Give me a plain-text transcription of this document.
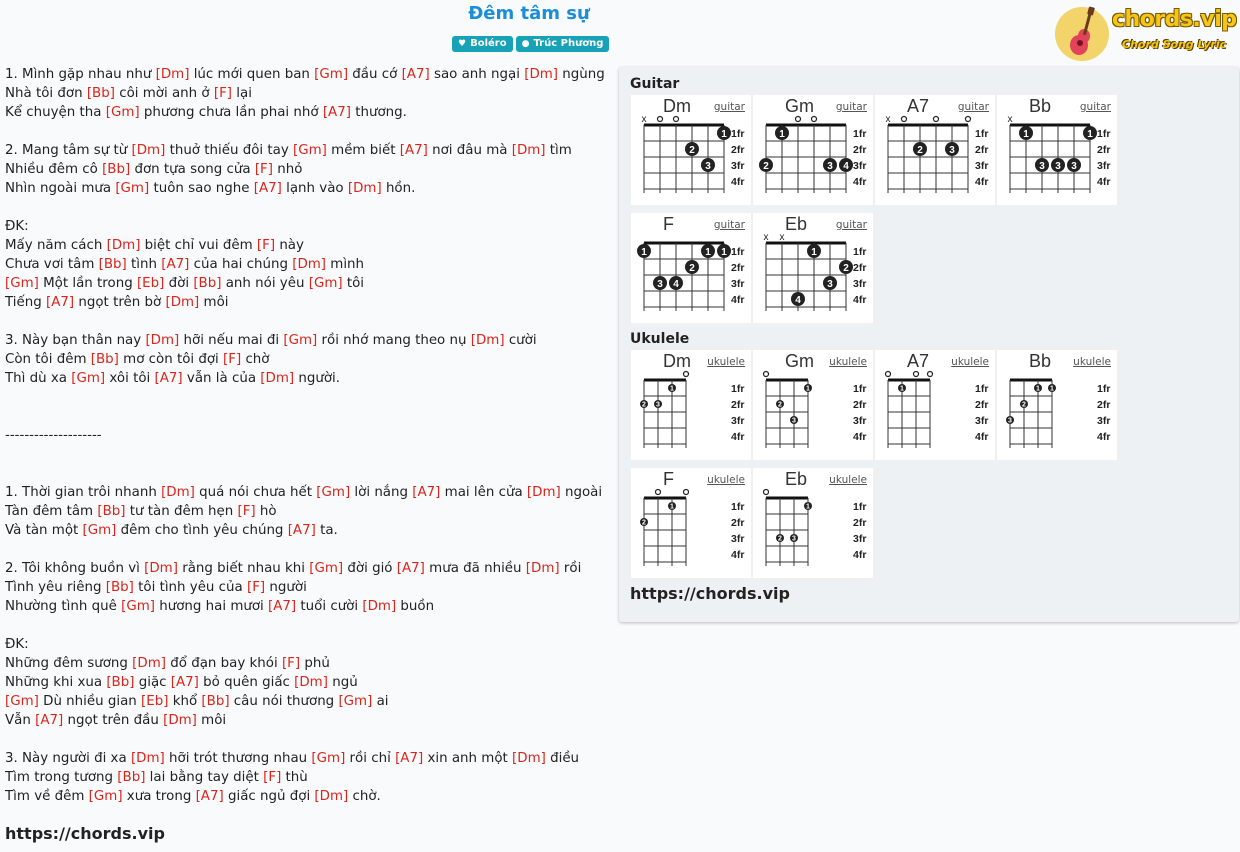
Đêm tâm sự
♥ Boléro ● Trúc Phương
chords.vip
Chord Song Lyric
1. Mình gặp nhau như [Dm] lúc mới quen ban [Gm] đầu cớ [A7] sao anh ngại [Dm] ngùng
Nhà tôi đơn [Bb] côi mời anh ở [F] lại
Kể chuyện tha [Gm] phương chưa lần phai nhớ [A7] thương.

2. Mang tâm sự từ [Dm] thuở thiếu đôi tay [Gm] mềm biết [A7] nơi đâu mà [Dm] tìm
Nhiều đêm cô [Bb] đơn tựa song cửa [F] nhỏ
Nhìn ngoài mưa [Gm] tuôn sao nghe [A7] lạnh vào [Dm] hồn.

ĐK:
Mấy năm cách [Dm] biệt chỉ vui đêm [F] này
Chưa vơi tâm [Bb] tình [A7] của hai chúng [Dm] mình
[Gm] Một lần trong [Eb] đời [Bb] anh nói yêu [Gm] tôi
Tiếng [A7] ngọt trên bờ [Dm] môi

3. Này bạn thân nay [Dm] hỡi nếu mai đi [Gm] rồi nhớ mang theo nụ [Dm] cười
Còn tôi đêm [Bb] mơ còn tôi đợi [F] chờ
Thì dù xa [Gm] xôi tôi [A7] vẫn là của [Dm] người.

--------------------

1. Thời gian trôi nhanh [Dm] quá nói chưa hết [Gm] lời nắng [A7] mai lên cửa [Dm] ngoài
Tàn đêm tâm [Bb] tư tàn đêm hẹn [F] hò
Và tàn một [Gm] đêm cho tình yêu chúng [A7] ta.

2. Tôi không buồn vì [Dm] rằng biết nhau khi [Gm] đời gió [A7] mưa đã nhiều [Dm] rồi
Tình yêu riêng [Bb] tôi tình yêu của [F] người
Nhường tình quê [Gm] hương hai mươi [A7] tuổi cười [Dm] buồn

ĐK:
Những đêm sương [Dm] đổ đạn bay khói [F] phủ
Những khi xua [Bb] giặc [A7] bỏ quên giấc [Dm] ngủ
[Gm] Dù nhiều gian [Eb] khổ [Bb] câu nói thương [Gm] ai
Vẫn [A7] ngọt trên đầu [Dm] môi

3. Này người đi xa [Dm] hỡi trót thương nhau [Gm] rồi chỉ [A7] xin anh một [Dm] điều
Tìm trong tương [Bb] lai bằng tay diệt [F] thù
Tìm về đêm [Gm] xưa trong [A7] giấc ngủ đợi [Dm] chờ.
https://chords.vip
Guitar
Ukulele
1fr
2fr
3fr
4fr
x
1
2
3
Dm guitar
1fr
2fr
3fr
4fr
1
2	3 4
Gm guitar
1fr
2fr
3fr
4fr
x
2	3
A7	guitar
1fr
2fr
3fr
4fr
x
1	1
3 3 3
Bb	guitar
1fr
2fr
3fr
4fr
1	1 1
2
3 4
F	guitar
1fr
2fr
3fr
4fr
x x
1
2
3
4
Eb	guitar
1fr
2fr
3fr
4fr
1
2 3
Dm ukulele
1fr
2fr
3fr
4fr
1
2
3
Gm ukulele
1fr
2fr
3fr
4fr
1
A7 ukulele
1fr
2fr
3fr
4fr
1 1
2
3
Bb ukulele
1fr
2fr
3fr
4fr
1
2
F	ukulele
1fr
2fr
3fr
4fr
1
2 3
Eb ukulele
https://chords.vip
